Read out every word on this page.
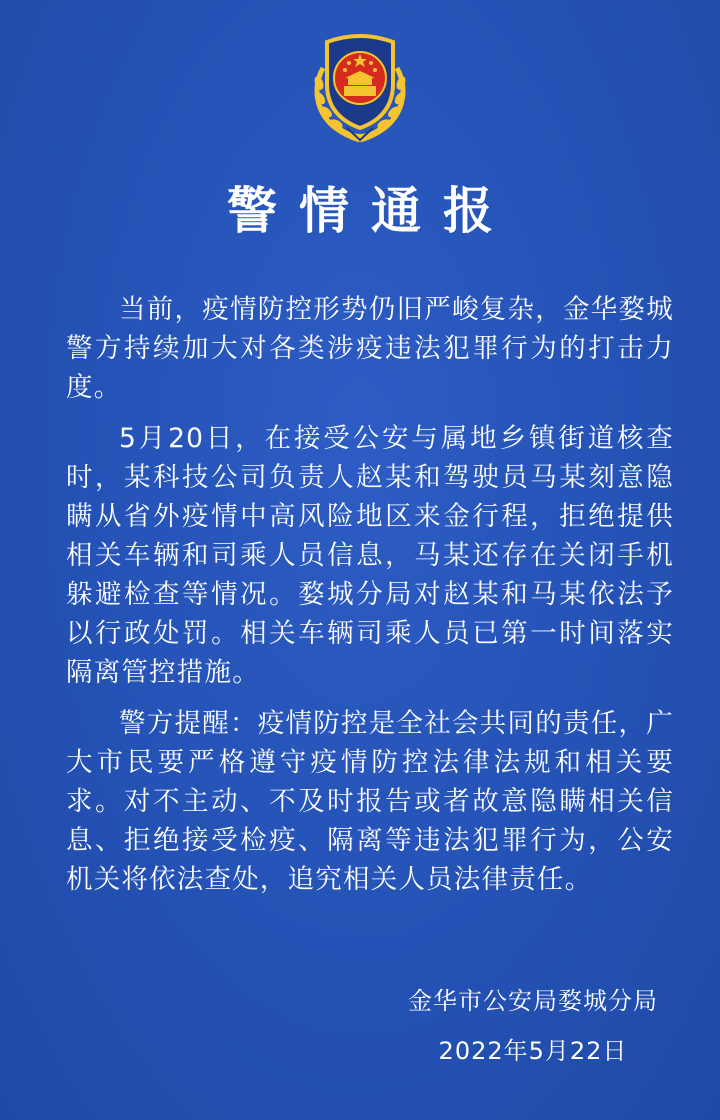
警情通报

当前，疫情防控形势仍旧严峻复杂，金华婺城警方持续加大对各类涉疫违法犯罪行为的打击力度。

5月20日，在接受公安与属地乡镇街道核查时，某科技公司负责人赵某和驾驶员马某刻意隐瞒从省外疫情中高风险地区来金行程，拒绝提供相关车辆和司乘人员信息，马某还存在关闭手机躲避检查等情况。婺城分局对赵某和马某依法予以行政处罚。相关车辆司乘人员已第一时间落实隔离管控措施。

警方提醒：疫情防控是全社会共同的责任，广大市民要严格遵守疫情防控法律法规和相关要求。对不主动、不及时报告或者故意隐瞒相关信息、拒绝接受检疫、隔离等违法犯罪行为，公安机关将依法查处，追究相关人员法律责任。

金华市公安局婺城分局
2022年5月22日
